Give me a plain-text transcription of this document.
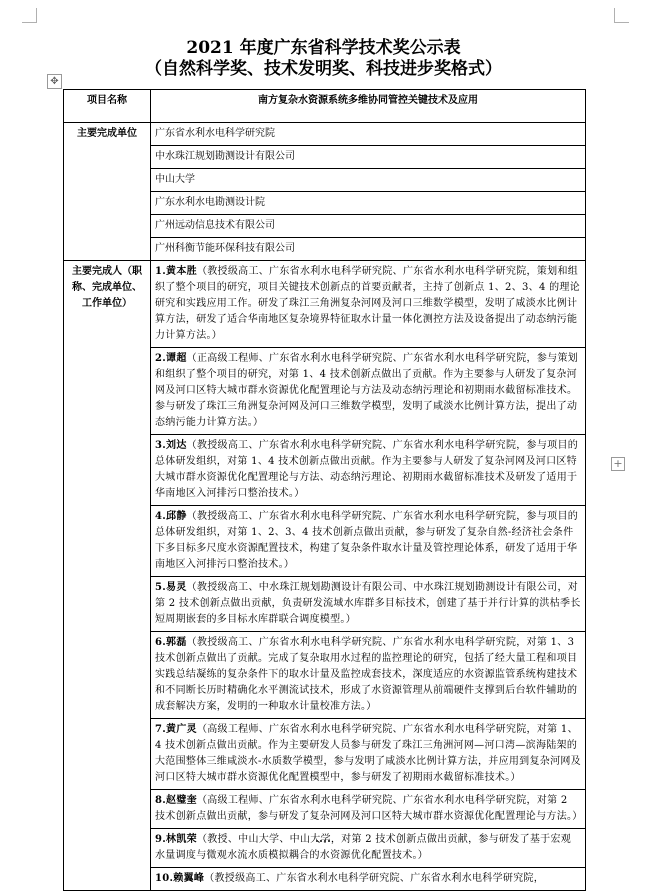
2021 年度广东省科学技术奖公示表
（自然科学奖、技术发明奖、科技进步奖格式）
✥
项目名称	南方复杂水资源系统多维协同管控关键技术及应用
主要完成单位	广东省水利水电科学研究院
	中水珠江规划勘测设计有限公司
	中山大学
	广东水利水电勘测设计院
	广州远动信息技术有限公司
	广州科衡节能环保科技有限公司
主要完成人（职称、完成单位、工作单位）	1.黄本胜（教授级高工、广东省水利水电科学研究院、广东省水利水电科学研究院，策划和组织了整个项目的研究，项目关键技术创新点的首要贡献者，主持了创新点 1、2、3、4 的理论研究和实践应用工作。研发了珠江三角洲复杂河网及河口三维数学模型，发明了咸淡水比例计算方法，研发了适合华南地区复杂境界特征取水计量一体化测控方法及设备提出了动态纳污能力计算方法。）
	2.谭超（正高级工程师、广东省水利水电科学研究院、广东省水利水电科学研究院，参与策划和组织了整个项目的研究，对第 1、4 技术创新点做出了贡献。作为主要参与人研发了复杂河网及河口区特大城市群水资源优化配置理论与方法及动态纳污理论和初期雨水截留标准技术。参与研发了珠江三角洲复杂河网及河口三维数学模型，发明了咸淡水比例计算方法，提出了动态纳污能力计算方法。）
	3.刘达（教授级高工、广东省水利水电科学研究院、广东省水利水电科学研究院，参与项目的总体研发组织，对第 1、4 技术创新点做出贡献。作为主要参与人研发了复杂河网及河口区特大城市群水资源优化配置理论与方法、动态纳污理论、初期雨水截留标准技术及研发了适用于华南地区入河排污口整治技术。）
	4.邱静（教授级高工、广东省水利水电科学研究院、广东省水利水电科学研究院，参与项目的总体研发组织，对第 1、2、3、4 技术创新点做出贡献，参与研发了复杂自然-经济社会条件下多目标多尺度水资源配置技术，构建了复杂条件取水计量及管控理论体系，研发了适用于华南地区入河排污口整治技术。）
	5.易灵（教授级高工、中水珠江规划勘测设计有限公司、中水珠江规划勘测设计有限公司，对第 2 技术创新点做出贡献，负责研发流域水库群多目标技术，创建了基于并行计算的洪枯季长短周期嵌套的多目标水库群联合调度模型。）
	6.郭磊（教授级高工、广东省水利水电科学研究院、广东省水利水电科学研究院，对第 1、3 技术创新点做出了贡献。完成了复杂取用水过程的监控理论的研究，包括了经大量工程和项目实践总结凝练的复杂条件下的取水计量及监控成套技术，深度适应的水资源监管系统构建技术和不同断长历时精确化水平测流试技术，形成了水资源管理从前端硬件支撑到后台软件辅助的成套解决方案，发明的一种取水计量校准方法。）
	7.黄广灵（高级工程师、广东省水利水电科学研究院、广东省水利水电科学研究院，对第 1、4 技术创新点做出贡献。作为主要研发人员参与研发了珠江三角洲河网—河口湾—滨海陆架的大范围整体三维咸淡水-水质数学模型，参与发明了咸淡水比例计算方法，并应用到复杂河网及河口区特大城市群水资源优化配置模型中，参与研发了初期雨水截留标准技术。）
	8.赵璧奎（高级工程师、广东省水利水电科学研究院、广东省水利水电科学研究院，对第 2 技术创新点做出贡献，参与研发了复杂河网及河口区特大城市群水资源优化配置理论与方法。）
	9.林凯荣（教授、中山大学、中山大学，对第 2 技术创新点做出贡献，参与研发了基于宏观水量调度与微观水流水质模拟耦合的水资源优化配置技术。）
	10.赖翼峰（教授级高工、广东省水利水电科学研究院、广东省水利水电科学研究院，
+
